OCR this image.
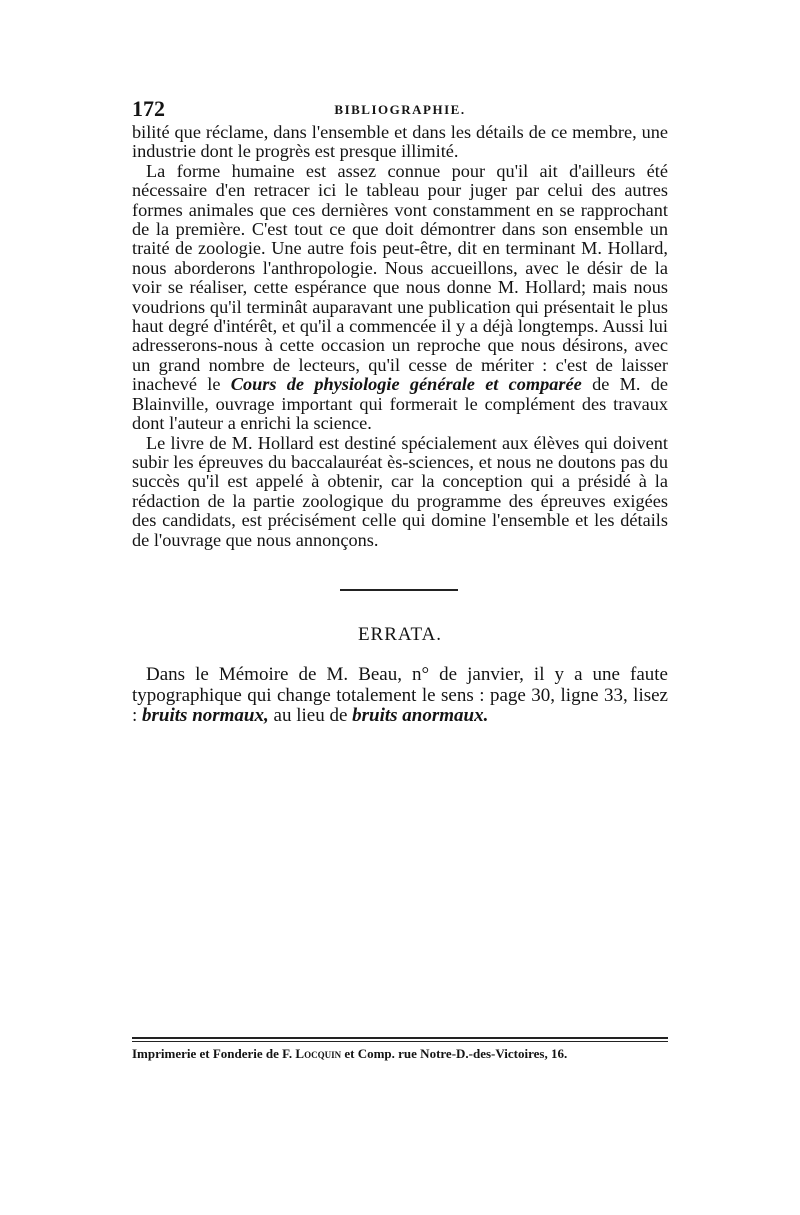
172	BIBLIOGRAPHIE.

bilité que réclame, dans l'ensemble et dans les détails de ce membre, une industrie dont le progrès est presque illimité.

La forme humaine est assez connue pour qu'il ait d'ailleurs été nécessaire d'en retracer ici le tableau pour juger par celui des autres formes animales que ces dernières vont constamment en se rapprochant de la première. C'est tout ce que doit démontrer dans son ensemble un traité de zoologie. Une autre fois peut-être, dit en terminant M. Hollard, nous aborderons l'anthropologie. Nous accueillons, avec le désir de la voir se réaliser, cette espérance que nous donne M. Hollard; mais nous voudrions qu'il terminât auparavant une publication qui présentait le plus haut degré d'intérêt, et qu'il a commencée il y a déjà longtemps. Aussi lui adresserons-nous à cette occasion un reproche que nous désirons, avec un grand nombre de lecteurs, qu'il cesse de mériter : c'est de laisser inachevé le Cours de physiologie générale et comparée de M. de Blainville, ouvrage important qui formerait le complément des travaux dont l'auteur a enrichi la science.

Le livre de M. Hollard est destiné spécialement aux élèves qui doivent subir les épreuves du baccalauréat ès-sciences, et nous ne doutons pas du succès qu'il est appelé à obtenir, car la conception qui a présidé à la rédaction de la partie zoologique du programme des épreuves exigées des candidats, est précisément celle qui domine l'ensemble et les détails de l'ouvrage que nous annonçons.

ERRATA.

Dans le Mémoire de M. Beau, n° de janvier, il y a une faute typographique qui change totalement le sens : page 30, ligne 33, lisez : bruits normaux, au lieu de bruits anormaux.

Imprimerie et Fonderie de F. Locquin et Comp. rue Notre-D.-des-Victoires, 16.
